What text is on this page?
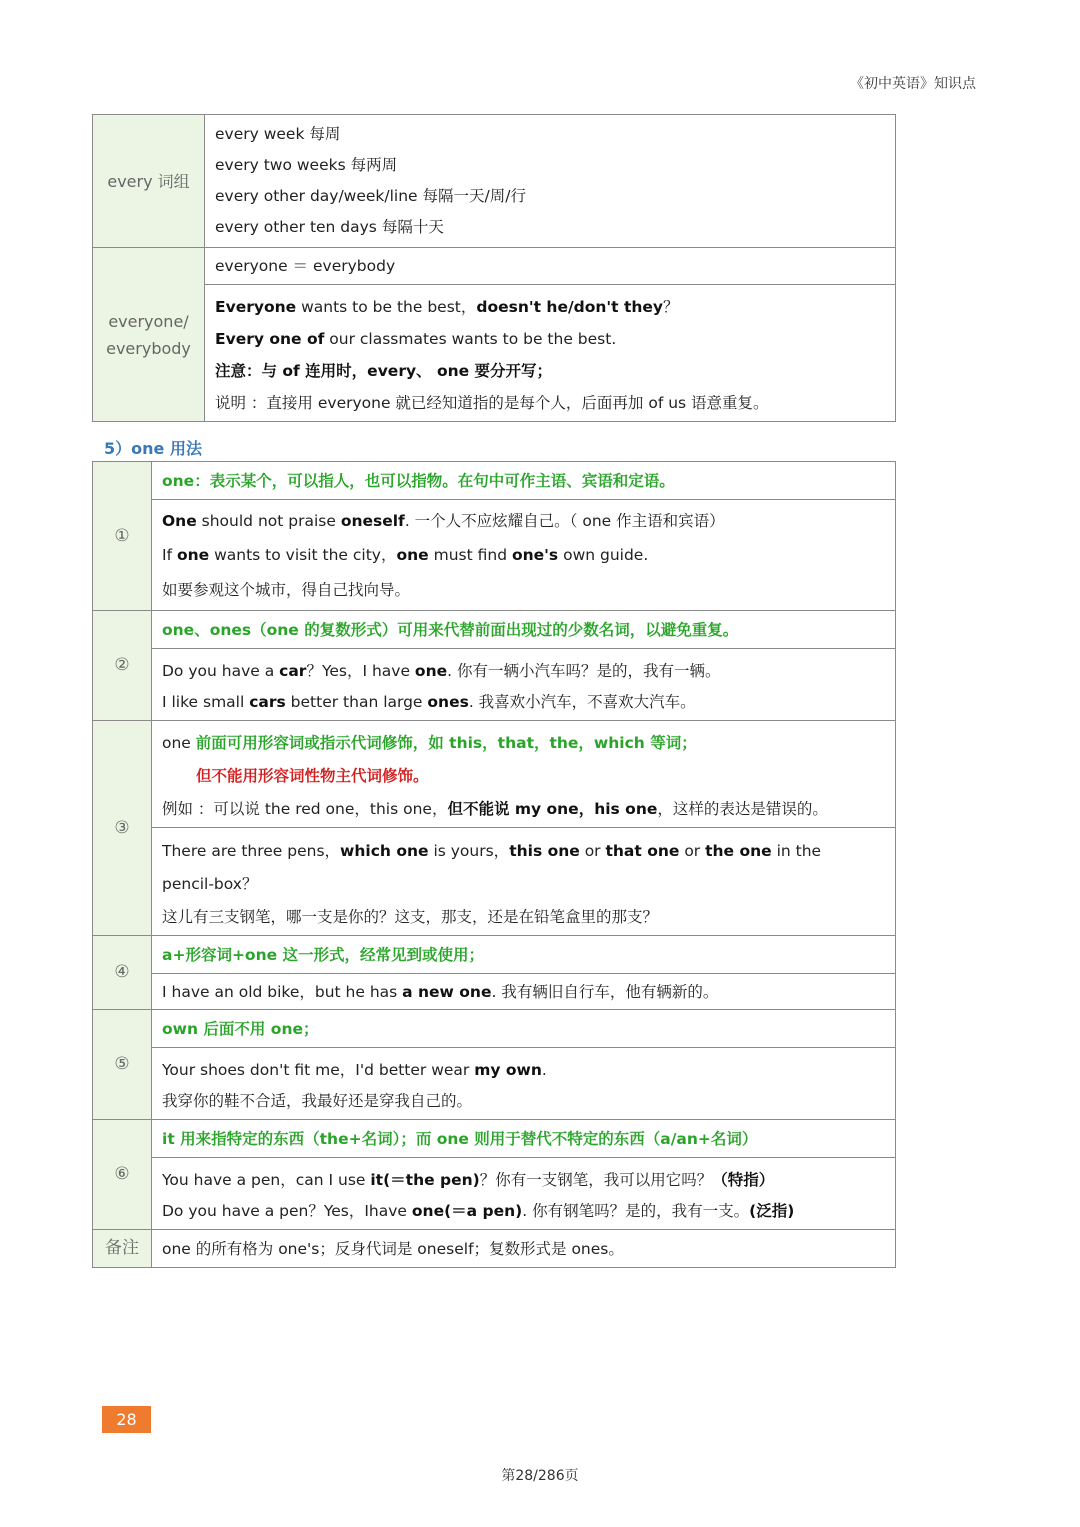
《初中英语》知识点
every 词组
every week 每周
every two weeks 每两周
every other day/week/line 每隔一天/周/行
every other ten days 每隔十天
everyone/
everybody
everyone ＝ everybody
Everyone wants to be the best，doesn't he/don't they？
Every one of our classmates wants to be the best.
注意：与 of 连用时，every、 one 要分开写；
说明 ：直接用 everyone 就已经知道指的是每个人，后面再加 of us 语意重复。
5）one 用法
①
one：表示某个，可以指人，也可以指物。在句中可作主语、宾语和定语。
One should not praise oneself. 一个人不应炫耀自己。（ one 作主语和宾语）
If one wants to visit the city，one must find one's own guide.
如要参观这个城市，得自己找向导。
②
one、ones（one 的复数形式）可用来代替前面出现过的少数名词，以避免重复。
Do you have a car？Yes，I have one. 你有一辆小汽车吗？是的，我有一辆。
I like small cars better than large ones. 我喜欢小汽车，不喜欢大汽车。
③
one 前面可用形容词或指示代词修饰，如 this，that，the，which 等词；
但不能用形容词性物主代词修饰。
例如 ：可以说 the red one，this one，但不能说 my one，his one，这样的表达是错误的。
There are three pens，which one is yours，this one or that one or the one in the
pencil-box？
这儿有三支钢笔，哪一支是你的？这支，那支，还是在铅笔盒里的那支？
④
a+形容词+one 这一形式，经常见到或使用；
I have an old bike，but he has a new one. 我有辆旧自行车，他有辆新的。
⑤
own 后面不用 one；
Your shoes don't fit me，I'd better wear my own.
我穿你的鞋不合适，我最好还是穿我自己的。
⑥
it 用来指特定的东西（the+名词）；而 one 则用于替代不特定的东西（a/an+名词）
You have a pen，can I use it(＝the pen)？你有一支钢笔，我可以用它吗？（特指）
Do you have a pen？Yes，Ihave one(＝a pen). 你有钢笔吗？是的，我有一支。(泛指)
备注	one 的所有格为 one's；反身代词是 oneself；复数形式是 ones。
28
第28/286页
